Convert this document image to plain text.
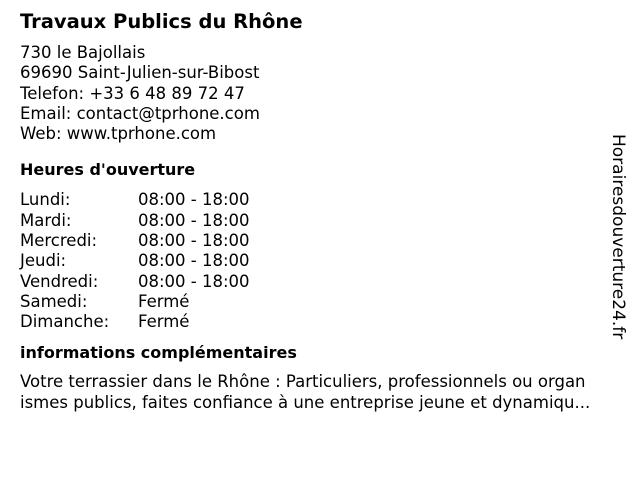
Travaux Publics du Rhône
730 le Bajollais
69690 Saint-Julien-sur-Bibost
Telefon: +33 6 48 89 72 47
Email: contact@tprhone.com
Web: www.tprhone.com
Heures d'ouverture
Lundi:	08:00 - 18:00
Mardi:	08:00 - 18:00
Mercredi:	08:00 - 18:00
Jeudi:	08:00 - 18:00
Vendredi:	08:00 - 18:00
Samedi:	Fermé
Dimanche:	Fermé
informations complémentaires
Votre terrassier dans le Rhône : Particuliers, professionnels ou organ
ismes publics, faites confiance à une entreprise jeune et dynamiqu...
Horairesdouverture24.fr
